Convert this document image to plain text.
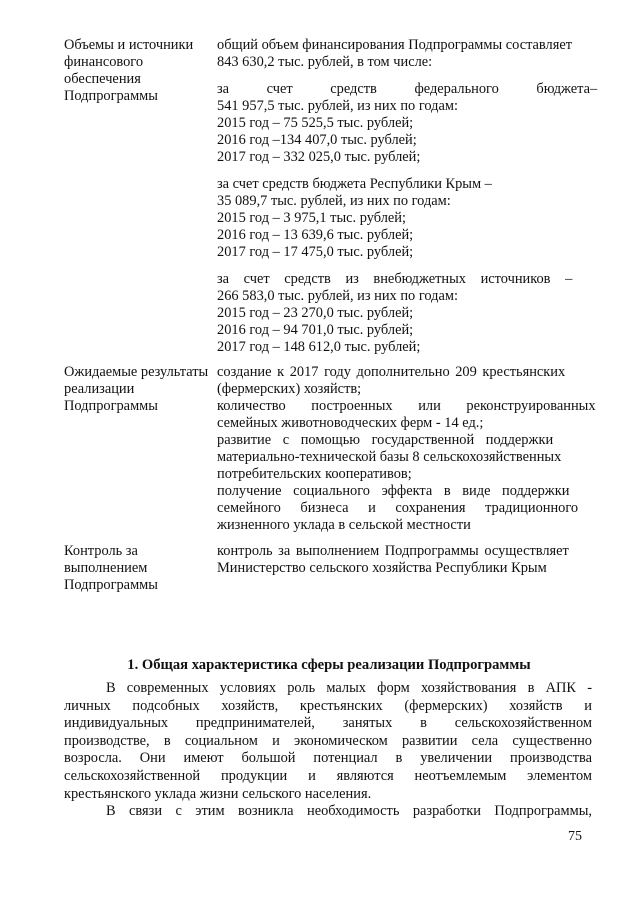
Объемы и источники финансового обеспечения Подпрограммы
общий объем финансирования Подпрограммы составляет
843 630,2 тыс. рублей, в том числе:
за счет средств федерального бюджета–
541 957,5 тыс. рублей, из них по годам:
2015 год – 75 525,5 тыс. рублей;
2016 год –134 407,0 тыс. рублей;
2017 год – 332 025,0 тыс. рублей;
за счет средств бюджета Республики Крым –
35 089,7 тыс. рублей, из них по годам:
2015 год – 3 975,1 тыс. рублей;
2016 год – 13 639,6 тыс. рублей;
2017 год – 17 475,0 тыс. рублей;
за счет средств из внебюджетных источников –
266 583,0 тыс. рублей, из них по годам:
2015 год – 23 270,0 тыс. рублей;
2016 год – 94 701,0 тыс. рублей;
2017 год – 148 612,0 тыс. рублей;
Ожидаемые результаты реализации Подпрограммы
создание к 2017 году дополнительно 209 крестьянских
(фермерских) хозяйств;
количество построенных или реконструированных
семейных животноводческих ферм - 14 ед.;
развитие с помощью государственной поддержки
материально-технической базы 8 сельскохозяйственных
потребительских кооперативов;
получение социального эффекта в виде поддержки
семейного бизнеса и сохранения традиционного
жизненного уклада в сельской местности
Контроль за выполнением Подпрограммы
контроль за выполнением Подпрограммы осуществляет
Министерство сельского хозяйства Республики Крым
1. Общая характеристика сферы реализации Подпрограммы
В современных условиях роль малых форм хозяйствования в АПК -
личных подсобных хозяйств, крестьянских (фермерских) хозяйств и
индивидуальных предпринимателей, занятых в сельскохозяйственном
производстве, в социальном и экономическом развитии села существенно
возросла. Они имеют большой потенциал в увеличении производства
сельскохозяйственной продукции и являются неотъемлемым элементом
крестьянского уклада жизни сельского населения.
В связи с этим возникла необходимость разработки Подпрограммы,
75
